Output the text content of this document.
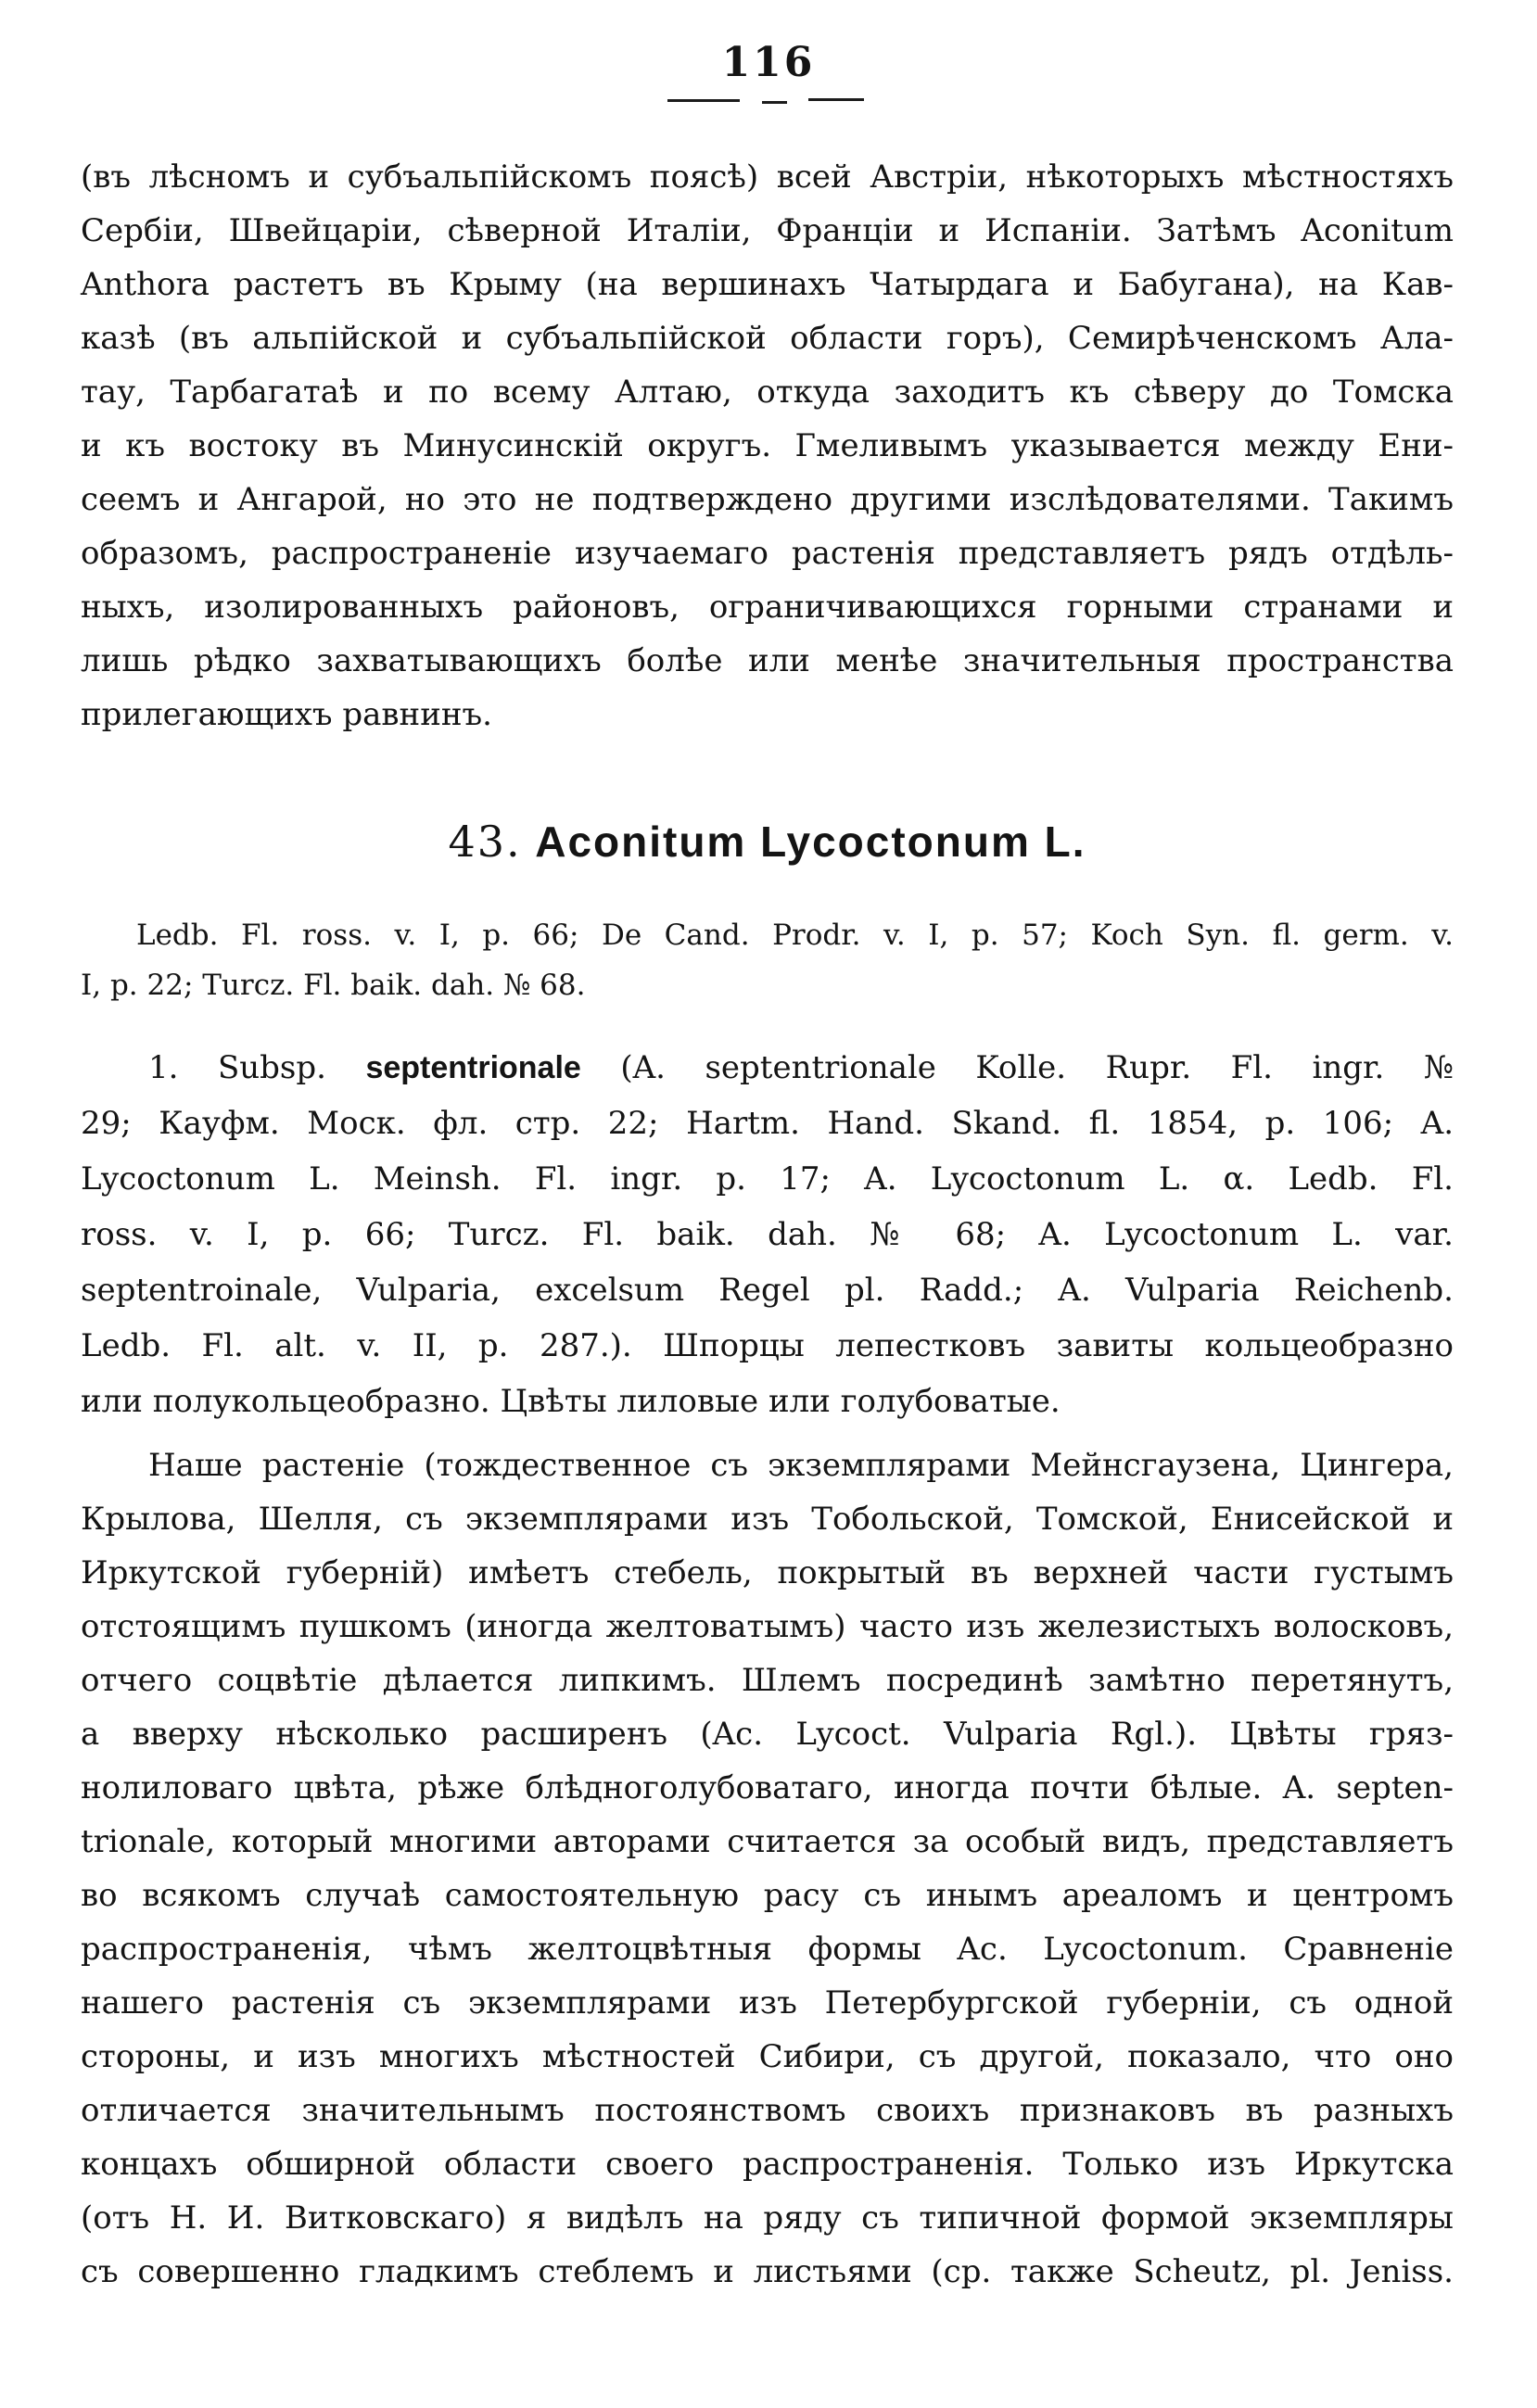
116
(въ лѣсномъ и субъальпійскомъ поясѣ) всей Австріи, нѣкоторыхъ мѣстностяхъ
Сербіи, Швейцаріи, сѣверной Италіи, Франціи и Испаніи. Затѣмъ Aconitum
Anthora растетъ въ Крыму (на вершинахъ Чатырдага и Бабугана), на Кав-
казѣ (въ альпійской и субъальпійской области горъ), Семирѣченскомъ Ала-
тау, Тарбагатаѣ и по всему Алтаю, откуда заходитъ къ сѣверу до Томска
и къ востоку въ Минусинскій округъ. Гмеливымъ указывается между Ени-
сеемъ и Ангарой, но это не подтверждено другими изслѣдователями. Такимъ
образомъ, распространеніе изучаемаго растенія представляетъ рядъ отдѣль-
ныхъ, изолированныхъ районовъ, ограничивающихся горными странами и
лишь рѣдко захватывающихъ болѣе или менѣе значительныя пространства
прилегающихъ равнинъ.
43. Aconitum Lycoctonum L.
Ledb. Fl. ross. v. I, p. 66; De Cand. Prodr. v. I, p. 57; Koch Syn. fl. germ. v.
I, p. 22; Turcz. Fl. baik. dah. № 68.
1. Subsp. septentrionale (A. septentrionale Kolle. Rupr. Fl. ingr. №
29; Кауфм. Моск. фл. стр. 22; Hartm. Hand. Skand. fl. 1854, p. 106; A.
Lycoctonum L. Meinsh. Fl. ingr. p. 17; A. Lycoctonum L. α. Ledb. Fl.
ross. v. I, p. 66; Turcz. Fl. baik. dah. № 68; A. Lycoctonum L. var.
septentroinale, Vulparia, excelsum Regel pl. Radd.; A. Vulparia Reichenb.
Ledb. Fl. alt. v. II, p. 287.). Шпорцы лепестковъ завиты кольцеобразно
или полукольцеобразно. Цвѣты лиловые или голубоватые.
Наше растеніе (тождественное съ экземплярами Мейнсгаузена, Цингера,
Крылова, Шелля, съ экземплярами изъ Тобольской, Томской, Енисейской и
Иркутской губерній) имѣетъ стебель, покрытый въ верхней части густымъ
отстоящимъ пушкомъ (иногда желтоватымъ) часто изъ железистыхъ волосковъ,
отчего соцвѣтіе дѣлается липкимъ. Шлемъ посрединѣ замѣтно перетянутъ,
а вверху нѣсколько расширенъ (Ac. Lycoct. Vulparia Rgl.). Цвѣты гряз-
нолиловаго цвѣта, рѣже блѣдноголубоватаго, иногда почти бѣлые. A. septen-
trionale, который многими авторами считается за особый видъ, представляетъ
во всякомъ случаѣ самостоятельную расу съ инымъ ареаломъ и центромъ
распространенія, чѣмъ желтоцвѣтныя формы Ac. Lycoctonum. Сравненіе
нашего растенія съ экземплярами изъ Петербургской губерніи, съ одной
стороны, и изъ многихъ мѣстностей Сибири, съ другой, показало, что оно
отличается значительнымъ постоянствомъ своихъ признаковъ въ разныхъ
концахъ обширной области своего распространенія. Только изъ Иркутска
(отъ Н. И. Витковскаго) я видѣлъ на ряду съ типичной формой экземпляры
съ совершенно гладкимъ стеблемъ и листьями (ср. также Scheutz, pl. Jeniss.
